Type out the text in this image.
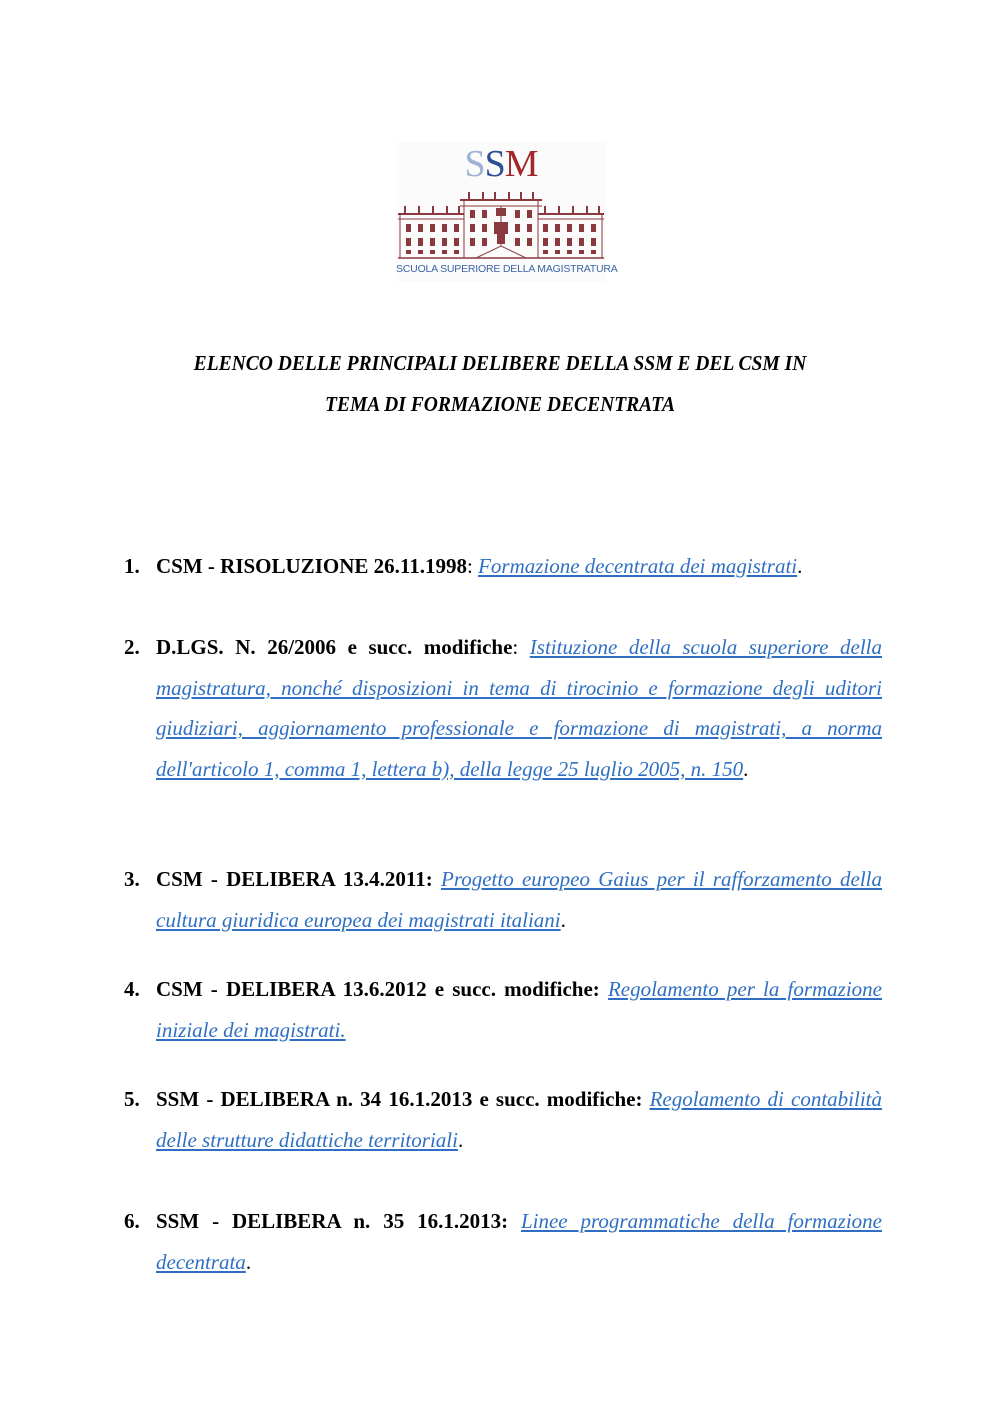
SSM
SCUOLA SUPERIORE DELLA MAGISTRATURA
ELENCO DELLE PRINCIPALI DELIBERE DELLA SSM E DEL CSM IN
TEMA DI FORMAZIONE DECENTRATA
1. CSM - RISOLUZIONE 26.11.1998: Formazione decentrata dei magistrati.
2. D.LGS. N. 26/2006 e succ. modifiche: Istituzione della scuola superiore della magistratura, nonché disposizioni in tema di tirocinio e formazione degli uditori giudiziari, aggiornamento professionale e formazione di magistrati, a norma dell'articolo 1, comma 1, lettera b), della legge 25 luglio 2005, n. 150.
3. CSM - DELIBERA 13.4.2011: Progetto europeo Gaius per il rafforzamento della cultura giuridica europea dei magistrati italiani.
4. CSM - DELIBERA 13.6.2012 e succ. modifiche: Regolamento per la formazione iniziale dei magistrati.
5. SSM - DELIBERA n. 34 16.1.2013 e succ. modifiche: Regolamento di contabilità delle strutture didattiche territoriali.
6. SSM - DELIBERA n. 35 16.1.2013: Linee programmatiche della formazione decentrata.
